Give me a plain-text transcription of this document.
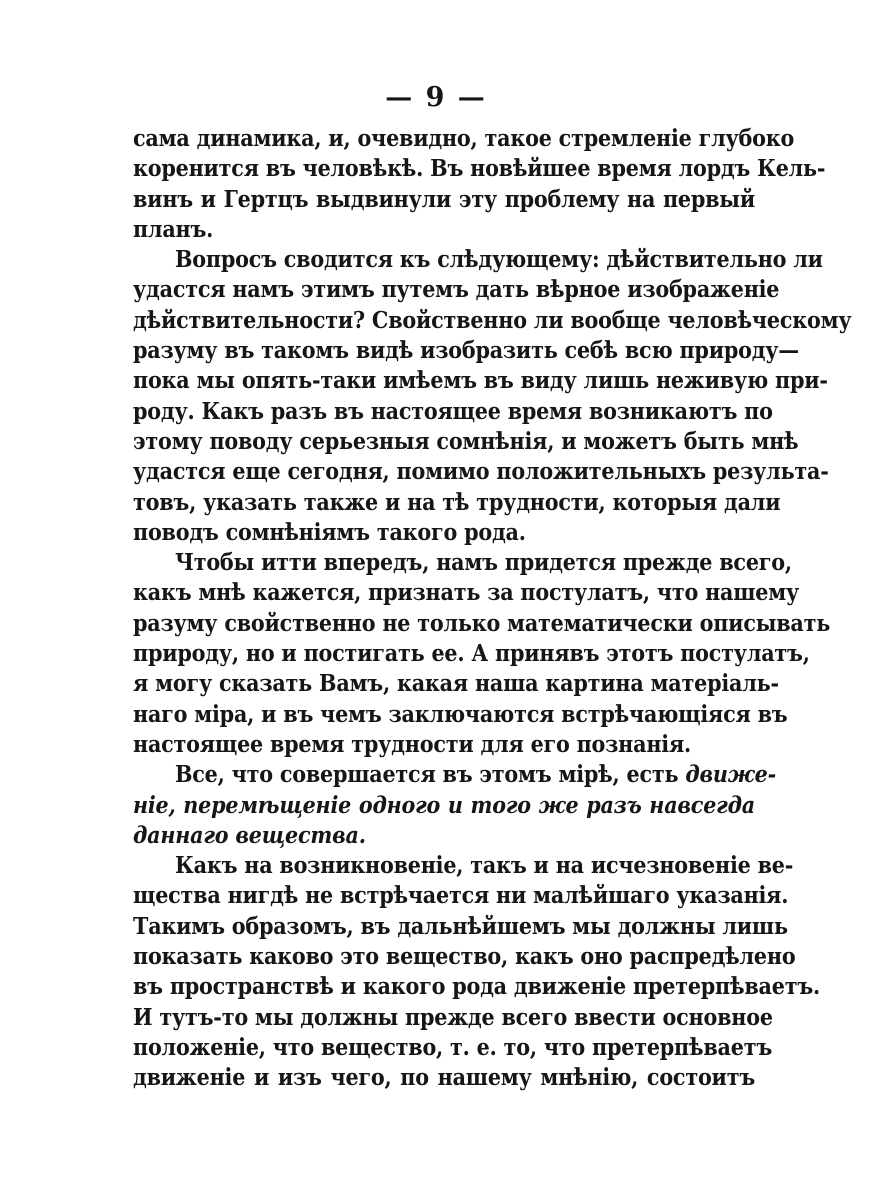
— 9 —
сама динамика, и, очевидно, такое стремленіе глубоко
коренится въ человѣкѣ. Въ новѣйшее время лордъ Кель-
винъ и Гертцъ выдвинули эту проблему на первый
планъ.
Вопросъ сводится къ слѣдующему: дѣйствительно ли
удастся намъ этимъ путемъ дать вѣрное изображеніе
дѣйствительности? Свойственно ли вообще человѣческому
разуму въ такомъ видѣ изобразить себѣ всю природу—
пока мы опять-таки имѣемъ въ виду лишь неживую при-
роду. Какъ разъ въ настоящее время возникаютъ по
этому поводу серьезныя сомнѣнія, и можетъ быть мнѣ
удастся еще сегодня, помимо положительныхъ результа-
товъ, указать также и на тѣ трудности, которыя дали
поводъ сомнѣніямъ такого рода.
Чтобы итти впередъ, намъ придется прежде всего,
какъ мнѣ кажется, признать за постулатъ, что нашему
разуму свойственно не только математически описывать
природу, но и постигать ее. А принявъ этотъ постулатъ,
я могу сказать Вамъ, какая наша картина матеріаль-
наго міра, и въ чемъ заключаются встрѣчающіяся въ
настоящее время трудности для его познанія.
Все, что совершается въ этомъ мірѣ, есть движе-
ніе, перемѣщеніе одного и того же разъ навсегда
даннаго вещества.
Какъ на возникновеніе, такъ и на исчезновеніе ве-
щества нигдѣ не встрѣчается ни малѣйшаго указанія.
Такимъ образомъ, въ дальнѣйшемъ мы должны лишь
показать каково это вещество, какъ оно распредѣлено
въ пространствѣ и какого рода движеніе претерпѣваетъ.
И тутъ-то мы должны прежде всего ввести основное
положеніе, что вещество, т. е. то, что претерпѣваетъ
движеніе и изъ чего, по нашему мнѣнію, состоитъ
